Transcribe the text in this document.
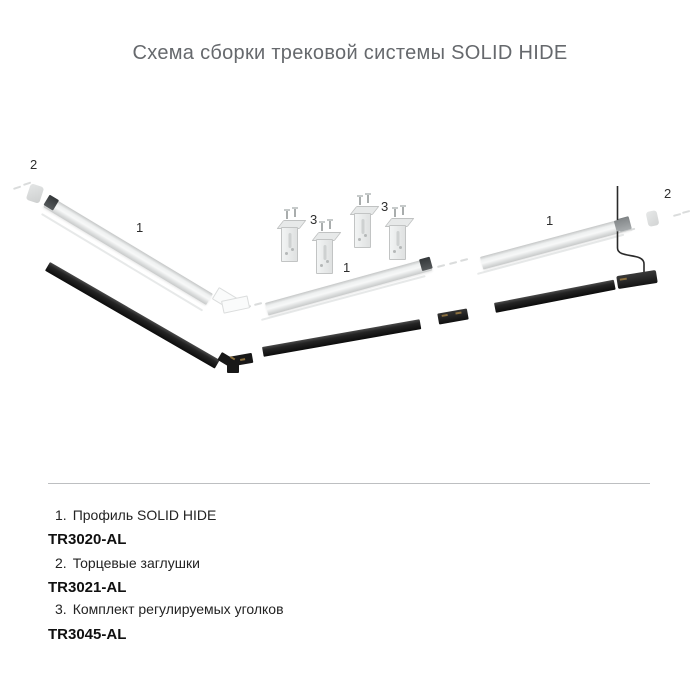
Схема сборки трековой системы SOLID HIDE
2
1
3
3
1
1
2
1. Профиль SOLID HIDE
TR3020-AL
2. Торцевые заглушки
TR3021-AL
3. Комплект регулируемых уголков
TR3045-AL
